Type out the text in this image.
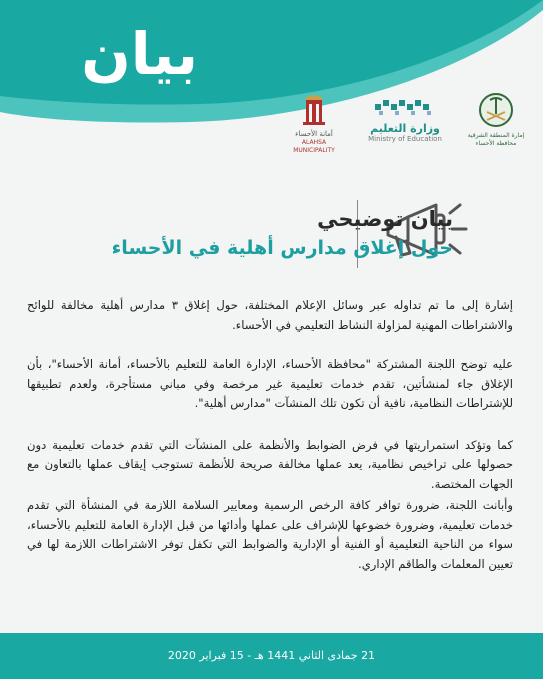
بيان
أمانة الأحساء
ALAHSA MUNICIPALITY
وزارة التعليم
Ministry of Education	إمارة المنطقة الشرقية
محافظة الأحساء
بيان توضيحي
حول إغلاق مدارس أهلية في الأحساء

إشارة إلى ما تم تداوله عبر وسائل الإعلام المختلفة، حول إغلاق ٣ مدارس أهلية مخالفة للوائح والاشتراطات المهنية لمزاولة النشاط التعليمي في الأحساء.

عليه توضح اللجنة المشتركة "محافظة الأحساء، الإدارة العامة للتعليم بالأحساء، أمانة الأحساء"، بأن الإغلاق جاء لمنشأتين، تقدم خدمات تعليمية غير مرخصة وفي مباني مستأجرة، ولعدم تطبيقها للإشتراطات النظامية، نافية أن تكون تلك المنشآت "مدارس أهلية".

كما وتؤكد استمراريتها في فرض الضوابط والأنظمة على المنشآت التي تقدم خدمات تعليمية دون حصولها على تراخيص نظامية، يعد عملها مخالفة صريحة للأنظمة تستوجب إيقاف عملها بالتعاون مع الجهات المختصة.

وأبانت اللجنة، ضرورة توافر كافة الرخص الرسمية ومعايير السلامة اللازمة في المنشأة التي تقدم خدمات تعليمية، وضرورة خضوعها للإشراف على عملها وأدائها من قبل الإدارة العامة للتعليم بالأحساء، سواء من الناحية التعليمية أو الفنية أو الإدارية والضوابط التي تكفل توفر الاشتراطات اللازمة لها في تعيين المعلمات والطاقم الإداري.

21 جمادى الثاني 1441 هـ - 15 فبراير 2020
